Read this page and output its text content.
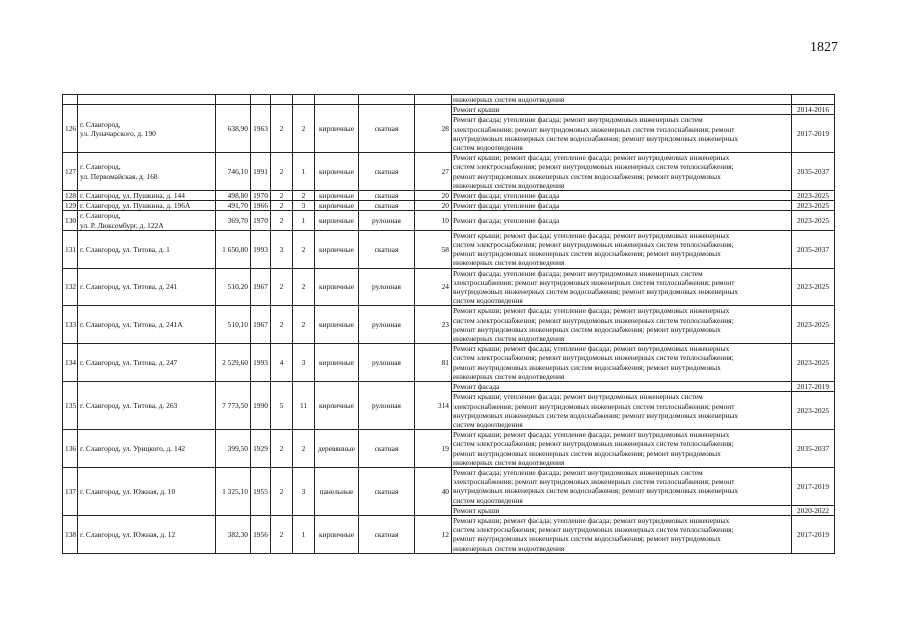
1827

									инженерных систем водоотведения	

126	г. Славгород,
ул. Луначарского, д. 190	638,90	1963	2	2	кирпичные	скатная	28	Ремонт крыши	2014-2016

									Ремонт фасада; утепление фасада; ремонт внутридомовых инженерных систем
электроснабжения; ремонт внутридомовых инженерных систем теплоснабжения; ремонт
внутридомовых инженерных систем водоснабжения; ремонт внутридомовых инженерных
систем водоотведения	2017-2019
127	г. Славгород,
ул. Первомайская, д. 168	746,10	1991	2	1	кирпичные	скатная	27	Ремонт крыши; ремонт фасада; утепление фасада; ремонт внутридомовых инженерных
систем электроснабжения; ремонт внутридомовых инженерных систем теплоснабжения;
ремонт внутридомовых инженерных систем водоснабжения; ремонт внутридомовых
инженерных систем водоотведения	2035-2037
128	г. Славгород, ул. Пушкина, д. 144	498,80	1970	2	2	кирпичные	скатная	20	Ремонт фасада; утепление фасада	2023-2025
129	г. Славгород, ул. Пушкина, д. 196А	491,70	1966	2	3	кирпичные	скатная	20	Ремонт фасада; утепление фасада	2023-2025
130	г. Славгород,
ул. Р. Люксембург, д. 122А	369,70	1970	2	1	кирпичные	рулонная	10	Ремонт фасада; утепление фасада	2023-2025
131	г. Славгород, ул. Титова, д. 1	1 650,80	1993	3	2	кирпичные	скатная	58	Ремонт крыши; ремонт фасада; утепление фасада; ремонт внутридомовых инженерных
систем электроснабжения; ремонт внутридомовых инженерных систем теплоснабжения;
ремонт внутридомовых инженерных систем водоснабжения; ремонт внутридомовых
инженерных систем водоотведения	2035-2037
132	г. Славгород, ул. Титова, д. 241	510,20	1967	2	2	кирпичные	рулонная	24	Ремонт фасада; утепление фасада; ремонт внутридомовых инженерных систем
электроснабжения; ремонт внутридомовых инженерных систем теплоснабжения; ремонт
внутридомовых инженерных систем водоснабжения; ремонт внутридомовых инженерных
систем водоотведения	2023-2025
133	г. Славгород, ул. Титова, д. 241А	510,10	1967	2	2	кирпичные	рулонная	23	Ремонт крыши; ремонт фасада; утепление фасада; ремонт внутридомовых инженерных
систем электроснабжения; ремонт внутридомовых инженерных систем теплоснабжения;
ремонт внутридомовых инженерных систем водоснабжения; ремонт внутридомовых
инженерных систем водоотведения	2023-2025
134	г. Славгород, ул. Титова, д. 247	2 529,60	1993	4	3	кирпичные	рулонная	81	Ремонт крыши; ремонт фасада; утепление фасада; ремонт внутридомовых инженерных
систем электроснабжения; ремонт внутридомовых инженерных систем теплоснабжения;
ремонт внутридомовых инженерных систем водоснабжения; ремонт внутридомовых
инженерных систем водоотведения	2023-2025
135	г. Славгород, ул. Титова, д. 263	7 773,50	1990	5	11	кирпичные	рулонная	314	Ремонт фасада	2017-2019

									Ремонт крыши; утепление фасада; ремонт внутридомовых инженерных систем
электроснабжения; ремонт внутридомовых инженерных систем теплоснабжения; ремонт
внутридомовых инженерных систем водоснабжения; ремонт внутридомовых инженерных
систем водоотведения	2023-2025
136	г. Славгород, ул. Урицкого, д. 142	399,50	1929	2	2	деревянные	скатная	19	Ремонт крыши; ремонт фасада; утепление фасада; ремонт внутридомовых инженерных
систем электроснабжения; ремонт внутридомовых инженерных систем теплоснабжения;
ремонт внутридомовых инженерных систем водоснабжения; ремонт внутридомовых
инженерных систем водоотведения	2035-2037
137	г. Славгород, ул. Южная, д. 10	1 325,10	1955	2	3	панельные	скатная	40	Ремонт фасада; утепление фасада; ремонт внутридомовых инженерных систем
электроснабжения; ремонт внутридомовых инженерных систем теплоснабжения; ремонт
внутридомовых инженерных систем водоснабжения; ремонт внутридомовых инженерных
систем водоотведения	2017-2019

									Ремонт крыши	2020-2022
138	г. Славгород, ул. Южная, д. 12	382,30	1956	2	1	кирпичные	скатная	12	Ремонт крыши; ремонт фасада; утепление фасада; ремонт внутридомовых инженерных
систем электроснабжения; ремонт внутридомовых инженерных систем теплоснабжения;
ремонт внутридомовых инженерных систем водоснабжения; ремонт внутридомовых
инженерных систем водоотведения	2017-2019
